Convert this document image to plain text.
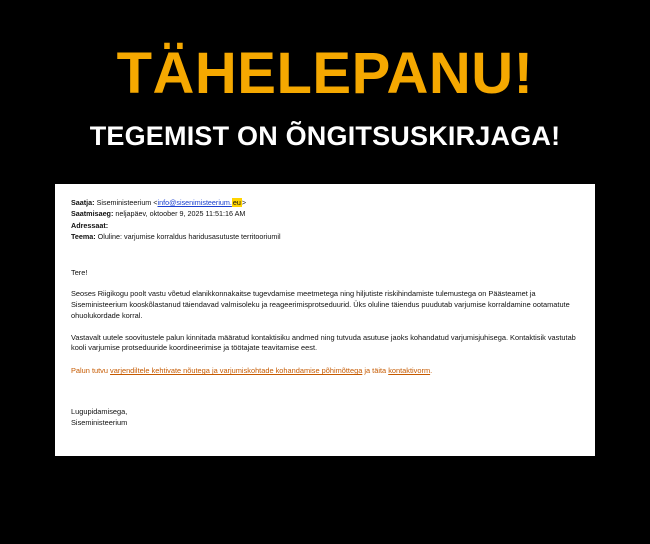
TÄHELEPANU!
TEGEMIST ON ÕNGITSUSKIRJAGA!
Saatja: Siseministeerium <info@sisenimisteerium.eu>
Saatmisaeg: neljapäev, oktoober 9, 2025 11:51:16 AM
Adressaat:
Teema: Oluline: varjumise korraldus haridusasutuste territooriumil

Tere!

Seoses Riigikogu poolt vastu võetud elanikkonnakaitse tugevdamise meetmetega ning hiljutiste riskihindamiste tulemustega on Päästeamet ja Siseministeerium kooskõlastanud täiendavad valmisoleku ja reageerimisprotseduurid. Üks oluline täiendus puudutab varjumise korraldamine ootamatute ohuolukordade korral.

Vastavalt uutele soovitustele palun kinnitada määratud kontaktisiku andmed ning tutvuda asutuse jaoks kohandatud varjumisjuhisega. Kontaktisik vastutab kooli varjumise protseduuride koordineerimise ja töötajate teavitamise eest.

Palun tutvu varjendiltele kehtivate nõutega ja varjumiskohtade kohandamise põhimõttega ja täita kontaktivorm.

Lugupidamisega,

Siseministeerium
